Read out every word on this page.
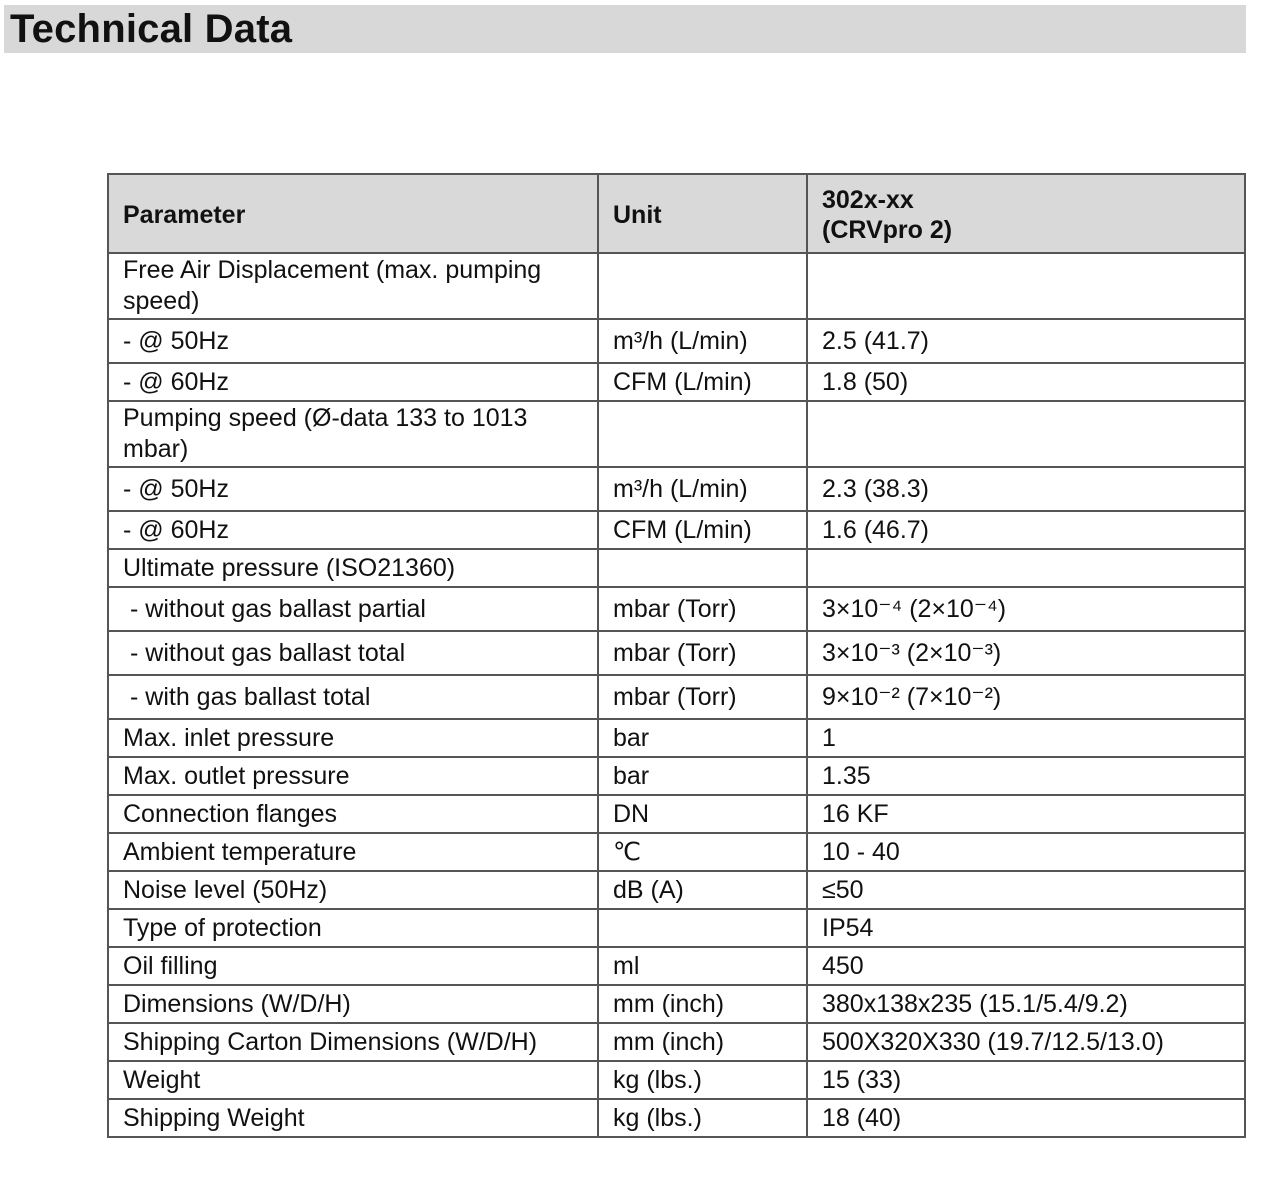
Technical Data
Parameter	Unit	302x-xx
(CRVpro 2)

Free Air Displacement (max. pumping speed)		
- @ 50Hz	m³/h (L/min)	2.5 (41.7)
- @ 60Hz	CFM (L/min)	1.8 (50)
Pumping speed (Ø-data 133 to 1013 mbar)		
- @ 50Hz	m³/h (L/min)	2.3 (38.3)
- @ 60Hz	CFM (L/min)	1.6 (46.7)
Ultimate pressure (ISO21360)		
- without gas ballast partial	mbar (Torr)	3×10⁻⁴ (2×10⁻⁴)
- without gas ballast total	mbar (Torr)	3×10⁻³ (2×10⁻³)
- with gas ballast total	mbar (Torr)	9×10⁻² (7×10⁻²)
Max. inlet pressure	bar	1
Max. outlet pressure	bar	1.35
Connection flanges	DN	16 KF
Ambient temperature	℃	10 - 40
Noise level (50Hz)	dB (A)	≤50
Type of protection		IP54
Oil filling	ml	450
Dimensions (W/D/H)	mm (inch)	380x138x235 (15.1/5.4/9.2)
Shipping Carton Dimensions (W/D/H)	mm (inch)	500X320X330 (19.7/12.5/13.0)
Weight	kg (lbs.)	15 (33)
Shipping Weight	kg (lbs.)	18 (40)
